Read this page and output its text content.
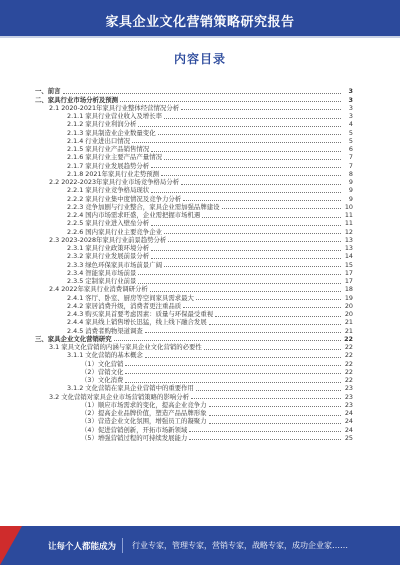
家具企业文化营销策略研究报告
内容目录
一、前言	3
二、家具行业市场分析及预测	3
2.1 2020-2021年家具行业整体经营情况分析	3
2.1.1 家具行业营业收入及增长率	3
2.1.2 家具行业利润分析	4
2.1.3 家具制造业企业数量变化	5
2.1.4 行业进出口情况	5
2.1.5 家具行业产品销售情况	6
2.1.6 家具行业主要产品产量情况	7
2.1.7 家具行业发展趋势分析	7
2.1.8 2021年家具行业走势预测	8
2.2 2022-2023年家具行业市场竞争格局分析	9
2.2.1 家具行业竞争格局现状	9
2.2.2 家具行业集中度情况及竞争力分析	9
2.2.3 竞争加剧与行业整合，家具企业需加强品牌建设	10
2.2.4 国内市场需求旺盛，企业需把握市场机遇	11
2.2.5 家具行业进入壁垒分析	11
2.2.6 国内家具行业主要竞争企业	12
2.3 2023-2028年家具行业前景趋势分析	13
2.3.1 家具行业政策环境分析	13
2.3.2 家具行业发展前景分析	14
2.3.3 绿色环保家具市场前景广阔	15
2.3.4 智能家具市场前景	17
2.3.5 定制家具行业前景	17
2.4 2022年家具行业消费调研分析	18
2.4.1 客厅、卧室、厨房等空间家具需求最大	19
2.4.2 家居消费升级，消费者更注重品质	20
2.4.3 购买家具首要考虑因素：质量与环保最受重视	20
2.4.4 家具线上销售增长迅猛，线上线下融合发展	21
2.4.5 消费者购物渠道调查	21
三、家具企业文化营销研究	22
3.1 家具文化营销的内涵与家具企业文化营销的必要性	22
3.1.1 文化营销的基本概念	22
（1）文化营销	22
（2）营销文化	22
（3）文化消费	22
3.1.2 文化营销在家具企业营销中的重要作用	23
3.2 文化营销对家具企业市场营销策略的影响分析	23
（1）顺应市场需求的变化，提高企业竞争力	23
（2）提高企业品牌价值，塑造产品品牌形象	24
（3）营造企业文化氛围，增强员工的凝聚力	24
（4）促进营销创新，开拓市场新领域	24
（5）增强营销过程的可持续发展能力	25
让每个人都能成为 行业专家，管理专家，营销专家，战略专家，成功企业家……
